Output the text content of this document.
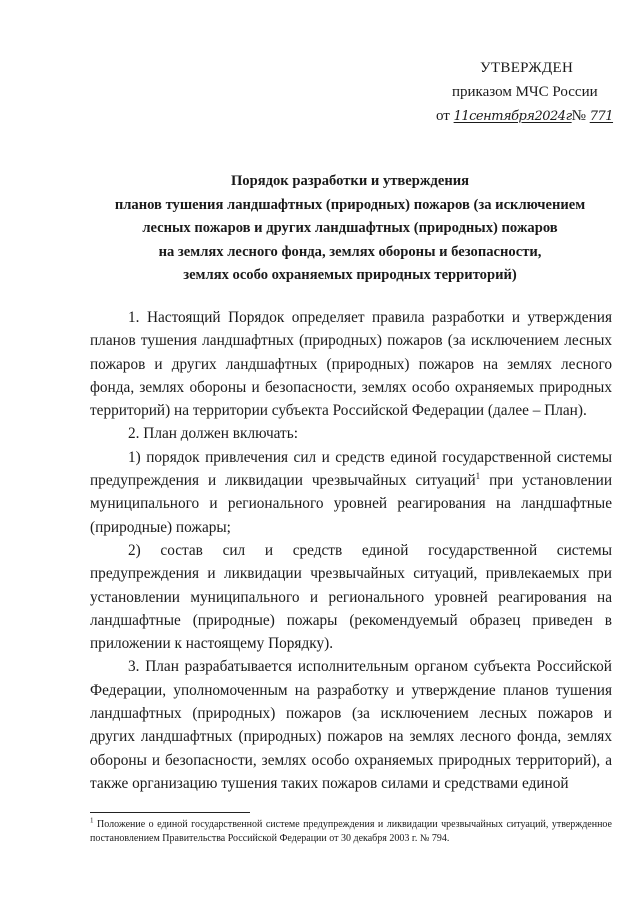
УТВЕРЖДЕН
приказом МЧС России
от 11сентября2024г№ 771
Порядок разработки и утверждения
планов тушения ландшафтных (природных) пожаров (за исключением
лесных пожаров и других ландшафтных (природных) пожаров
на землях лесного фонда, землях обороны и безопасности,
землях особо охраняемых природных территорий)

1. Настоящий Порядок определяет правила разработки и утверждения планов тушения ландшафтных (природных) пожаров (за исключением лесных пожаров и других ландшафтных (природных) пожаров на землях лесного фонда, землях обороны и безопасности, землях особо охраняемых природных территорий) на территории субъекта Российской Федерации (далее – План).

2. План должен включать:

1) порядок привлечения сил и средств единой государственной системы предупреждения и ликвидации чрезвычайных ситуаций$^1$ при установлении муниципального и регионального уровней реагирования на ландшафтные (природные) пожары;

2) состав сил и средств единой государственной системы предупреждения и ликвидации чрезвычайных ситуаций, привлекаемых при установлении муниципального и регионального уровней реагирования на ландшафтные (природные) пожары (рекомендуемый образец приведен в приложении к настоящему Порядку).

3. План разрабатывается исполнительным органом субъекта Российской Федерации, уполномоченным на разработку и утверждение планов тушения ландшафтных (природных) пожаров (за исключением лесных пожаров и других ландшафтных (природных) пожаров на землях лесного фонда, землях обороны и безопасности, землях особо охраняемых природных территорий), а также организацию тушения таких пожаров силами и средствами единой

$^1$ Положение о единой государственной системе предупреждения и ликвидации чрезвычайных ситуаций, утвержденное постановлением Правительства Российской Федерации от 30 декабря 2003 г. № 794.
